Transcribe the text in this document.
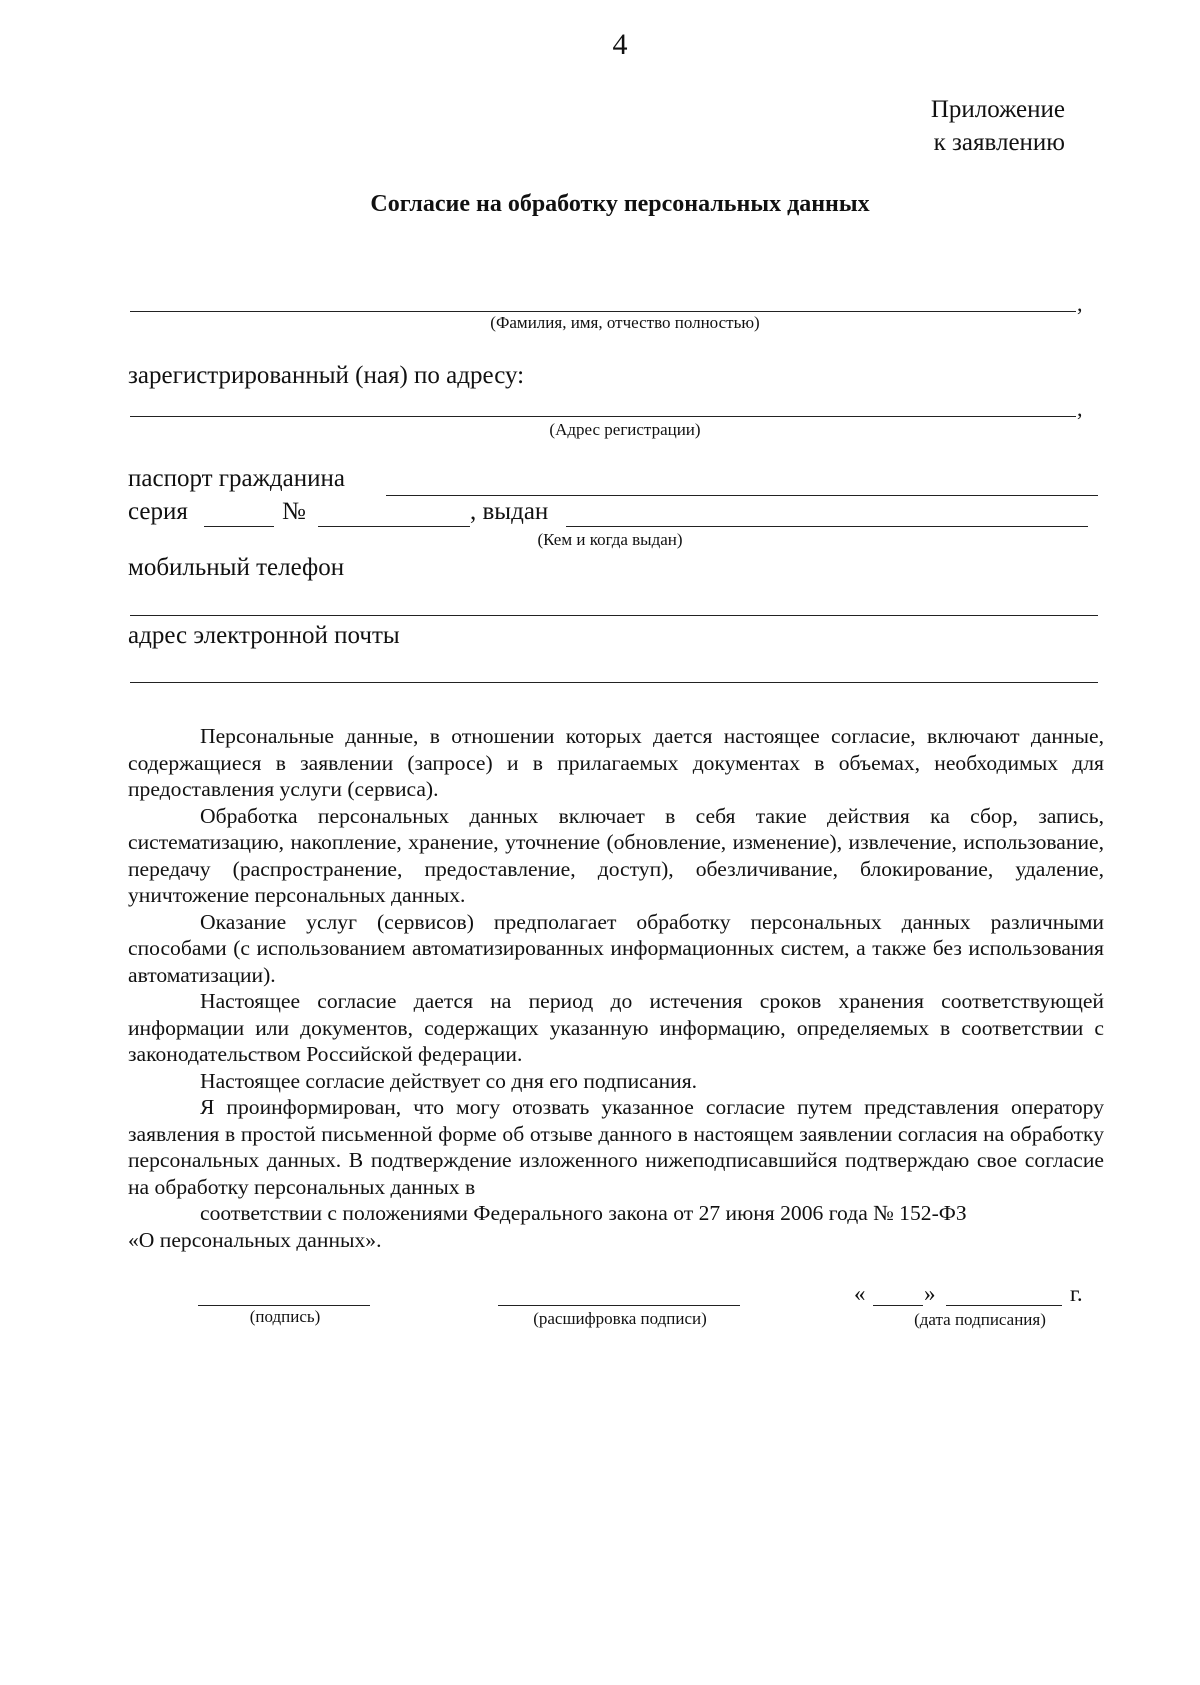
4
Приложение
к заявлению
Согласие на обработку персональных данных
,
(Фамилия, имя, отчество полностью)
зарегистрированный (ная) по адресу:
,
(Адрес регистрации)
паспорт гражданина
серия	№	, выдан
(Кем и когда выдан)
мобильный телефон
адрес электронной почты

Персональные данные, в отношении которых дается настоящее согласие, включают данные, содержащиеся в заявлении (запросе) и в прилагаемых документах в объемах, необходимых для предоставления услуги (сервиса).

Обработка персональных данных включает в себя такие действия ка сбор, запись, систематизацию, накопление, хранение, уточнение (обновление, изменение), извлечение, использование, передачу (распространение, предоставление, доступ), обезличивание, блокирование, удаление, уничтожение персональных данных.

Оказание услуг (сервисов) предполагает обработку персональных данных различными способами (с использованием автоматизированных информационных систем, а также без использования автоматизации).

Настоящее согласие дается на период до истечения сроков хранения соответствующей информации или документов, содержащих указанную информацию, определяемых в соответствии с законодательством Российской федерации.

Настоящее согласие действует со дня его подписания.

Я проинформирован, что могу отозвать указанное согласие путем представления оператору заявления в простой письменной форме об отзыве данного в настоящем заявлении согласия на обработку персональных данных. В подтверждение изложенного нижеподписавшийся подтверждаю свое согласие на обработку персональных данных в

соответствии с положениями Федерального закона от 27 июня 2006 года № 152-ФЗ

«О персональных данных».

(подпись)	(расшифровка подписи)
«	»	г.
(дата подписания)
